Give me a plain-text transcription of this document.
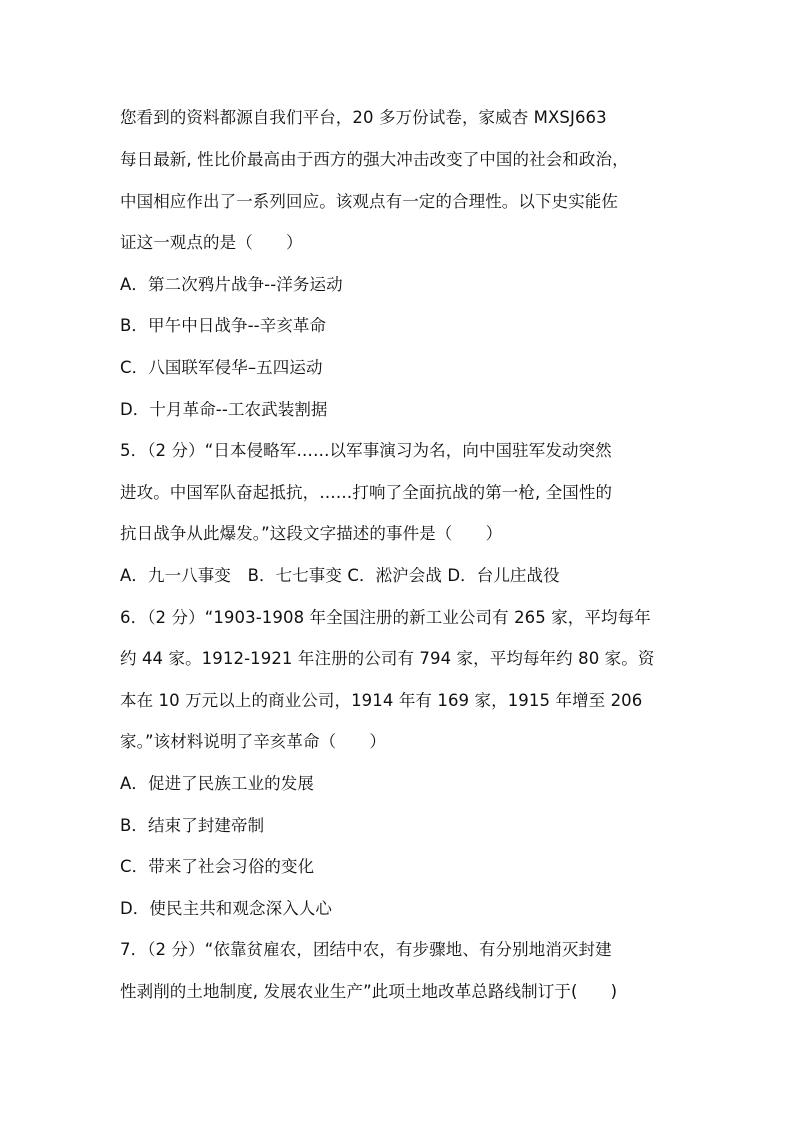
您看到的资料都源自我们平台，20 多万份试卷，家威杏 MXSJ663
每日最新, 性比价最高由于西方的强大冲击改变了中国的社会和政治，
中国相应作出了一系列回应。该观点有一定的合理性。以下史实能佐
证这一观点的是（　　）
A．第二次鸦片战争--洋务运动
B．甲午中日战争--辛亥革命
C．八国联军侵华–五四运动
D．十月革命--工农武装割据
5．（2 分）“日本侵略军……以军事演习为名，向中国驻军发动突然
进攻。中国军队奋起抵抗，……打响了全面抗战的第一枪, 全国性的
抗日战争从此爆发。”这段文字描述的事件是（　　）
A．九一八事变　B．七七事变 C．淞沪会战 D．台儿庄战役
6．（2 分）“1903-1908 年全国注册的新工业公司有 265 家，平均每年
约 44 家。1912-1921 年注册的公司有 794 家，平均每年约 80 家。资
本在 10 万元以上的商业公司，1914 年有 169 家，1915 年增至 206
家。”该材料说明了辛亥革命（　　）
A．促进了民族工业的发展
B．结束了封建帝制
C．带来了社会习俗的变化
D．使民主共和观念深入人心
7．（2 分）“依靠贫雇农，团结中农，有步骤地、有分别地消灭封建
性剥削的土地制度, 发展农业生产”此项土地改革总路线制订于(　　)
